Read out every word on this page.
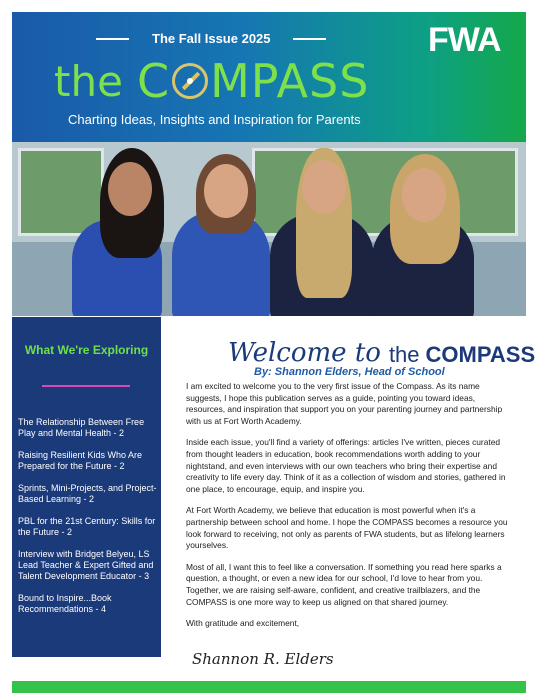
The Fall Issue 2025	FWA
the C MPASS
Charting Ideas, Insights and Inspiration for Parents
What We're Exploring
The Relationship Between Free Play and Mental Health - 2
Raising Resilient Kids Who Are Prepared for the Future - 2
Sprints, Mini-Projects, and Project-Based Learning - 2
PBL for the 21st Century: Skills for the Future - 2
Interview with Bridget Belyeu, LS Lead Teacher & Expert Gifted and Talent Development Educator - 3
Bound to Inspire...Book Recommendations - 4
Welcome to the COMPASS
By: Shannon Elders, Head of School

I am excited to welcome you to the very first issue of the Compass. As its name suggests, I hope this publication serves as a guide, pointing you toward ideas, resources, and inspiration that support you on your parenting journey and partnership with us at Fort Worth Academy.

Inside each issue, you'll find a variety of offerings: articles I've written, pieces curated from thought leaders in education, book recommendations worth adding to your nightstand, and even interviews with our own teachers who bring their expertise and creativity to life every day. Think of it as a collection of wisdom and stories, gathered in one place, to encourage, equip, and inspire you.

At Fort Worth Academy, we believe that education is most powerful when it's a partnership between school and home. I hope the COMPASS becomes a resource you look forward to receiving, not only as parents of FWA students, but as lifelong learners yourselves.

Most of all, I want this to feel like a conversation. If something you read here sparks a question, a thought, or even a new idea for our school, I'd love to hear from you. Together, we are raising self-aware, confident, and creative trailblazers, and the COMPASS is one more way to keep us aligned on that shared journey.

With gratitude and excitement,

Shannon R. Elders
